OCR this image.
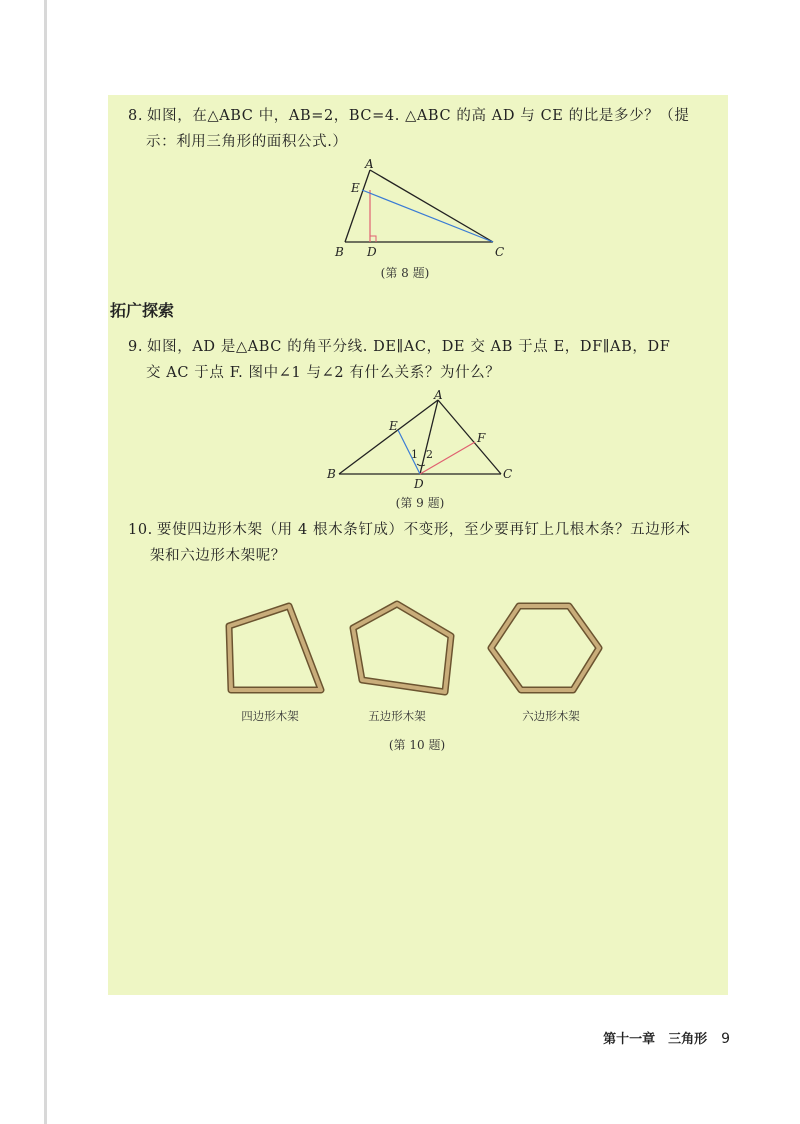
8. 如图，在△ABC 中，AB=2，BC=4. △ABC 的高 AD 与 CE 的比是多少？（提
示：利用三角形的面积公式.）
A
E
B D	C
(第 8 题)
拓广探索
9. 如图，AD 是△ABC 的角平分线. DE∥AC，DE 交 AB 于点 E，DF∥AB，DF
交 AC 于点 F. 图中∠1 与∠2 有什么关系？为什么？
A
E
F
B
D
C
1 2
(第 9 题)
10. 要使四边形木架（用 4 根木条钉成）不变形，至少要再钉上几根木条？五边形木
架和六边形木架呢？
四边形木架	五边形木架	六边形木架
(第 10 题)
第十一章　三角形 9
